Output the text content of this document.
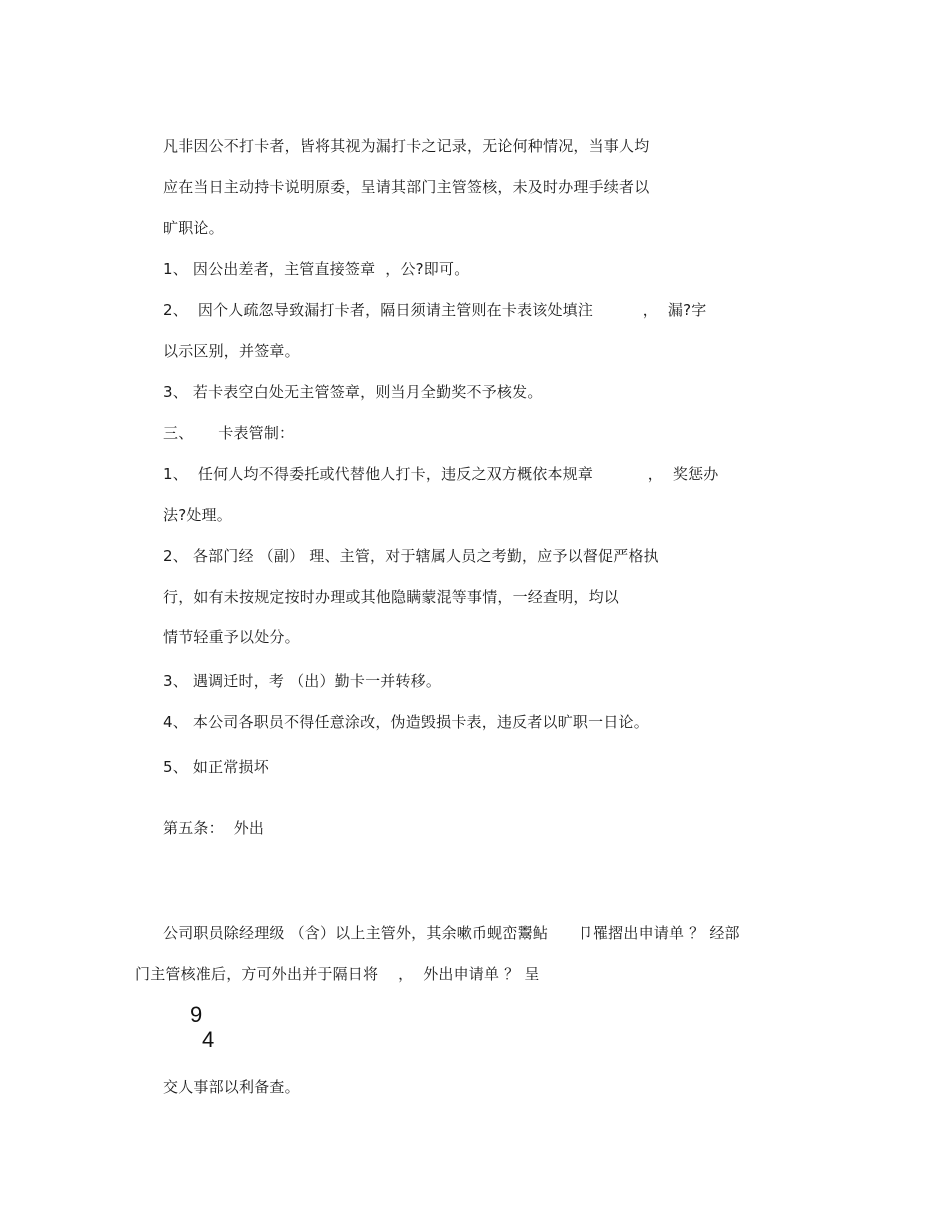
凡非因公不打卡者，皆将其视为漏打卡之记录，无论何种情况，当事人均
应在当日主动持卡说明原委，呈请其部门主管签核，未及时办理手续者以
旷职论。
1、 因公出差者，主管直接签章  ，公?即可。
2、  因个人疏忽导致漏打卡者，隔日须请主管则在卡表该处填注          ，  漏?字
以示区别，并签章。
3、 若卡表空白处无主管签章，则当月全勤奖不予核发。
三、     卡表管制：
1、  任何人均不得委托或代替他人打卡，违反之双方概依本规章           ，  奖惩办
法?处理。
2、 各部门经 （副） 理、主管，对于辖属人员之考勤，应予以督促严格执
行，如有未按规定按时办理或其他隐瞒蒙混等事情，一经查明，均以
情节轻重予以处分。
3、 遇调迁时，考 （出）勤卡一并转移。
4、 本公司各职员不得任意涂改，伪造毁损卡表，违反者以旷职一日论。
5、 如正常损坏
第五条：  外出
公司职员除经理级 （含）以上主管外，其余嗽币蚬峦鬻鲇      卩罹摺出申请单 ？ 经部
门主管核准后，方可外出并于隔日将    ，  外出申请单 ？ 呈
9
4
交人事部以利备查。
